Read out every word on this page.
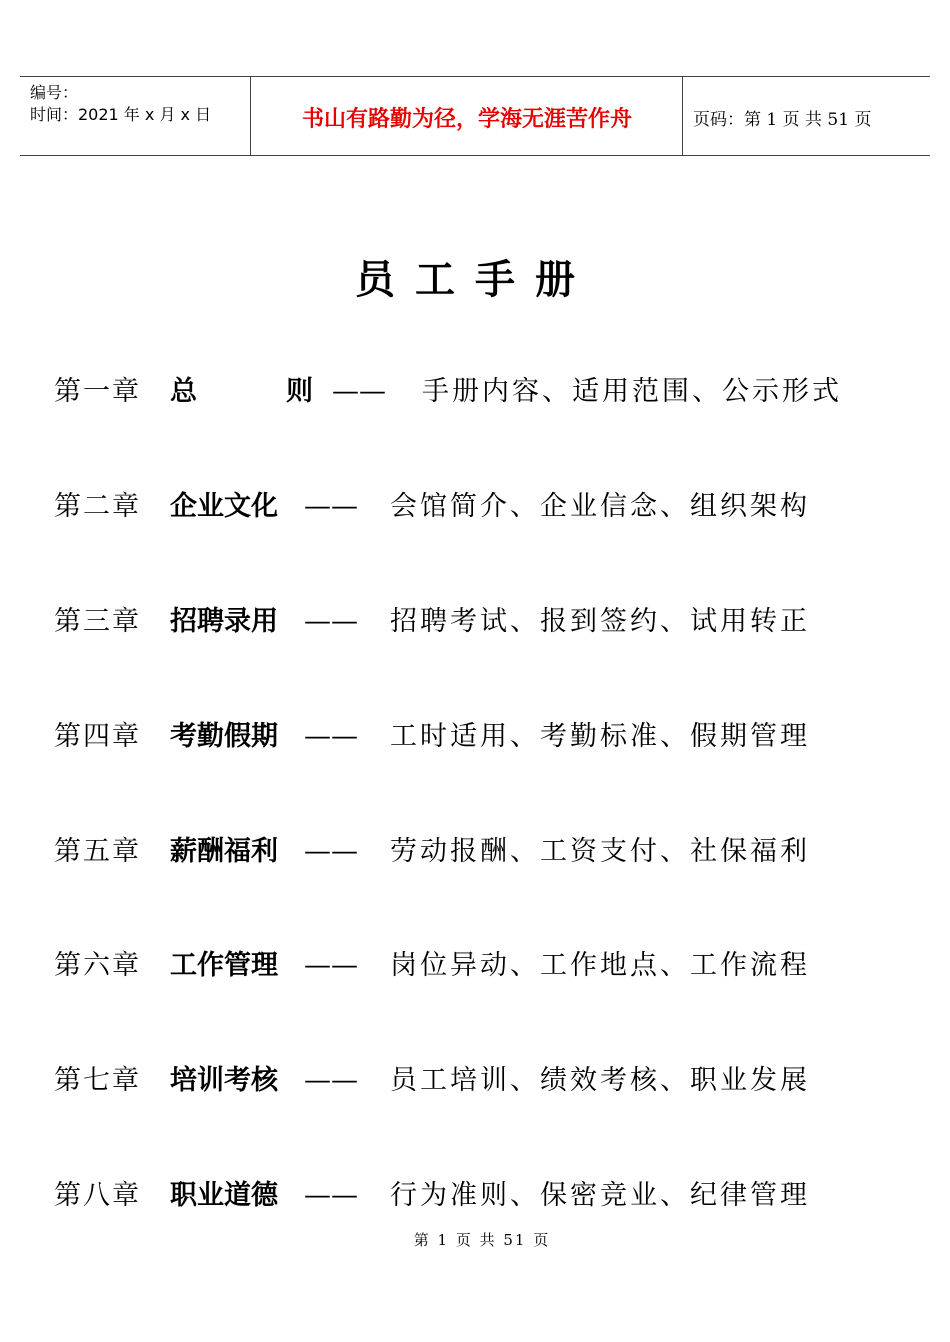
编号：
时间：2021 年 x 月 x 日	书山有路勤为径，学海无涯苦作舟	页码：第 1 页 共 51 页
员工手册
第一章 总	则 —— 手册内容、适用范围、公示形式
第二章 企业文化 —— 会馆简介、企业信念、组织架构
第三章 招聘录用 —— 招聘考试、报到签约、试用转正
第四章 考勤假期 —— 工时适用、考勤标准、假期管理
第五章 薪酬福利 —— 劳动报酬、工资支付、社保福利
第六章 工作管理 —— 岗位异动、工作地点、工作流程
第七章 培训考核 —— 员工培训、绩效考核、职业发展
第八章 职业道德 —— 行为准则、保密竞业、纪律管理
第 1 页 共 51 页
